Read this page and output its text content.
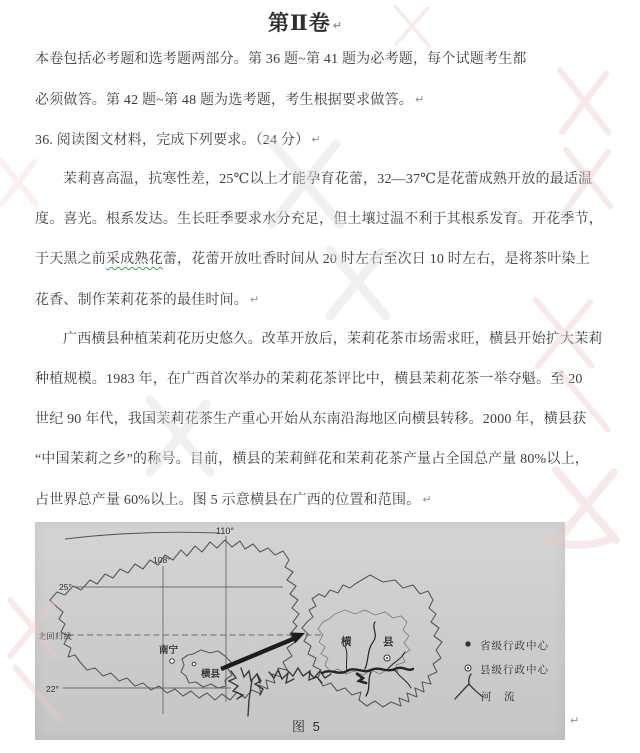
第Ⅱ卷 ↵
本卷包括必考题和选考题两部分。第 36 题~第 41 题为必考题，每个试题考生都
必须做答。第 42 题~第 48 题为选考题，考生根据要求做答。 ↵
36. 阅读图文材料，完成下列要求。（24 分） ↵
茉莉喜高温，抗寒性差，25℃以上才能孕育花蕾，32—37℃是花蕾成熟开放的最适温
度。喜光。根系发达。生长旺季要求水分充足，但土壤过温不利于其根系发育。开花季节，
于天黑之前采成熟花蕾，花蕾开放吐香时间从 20 时左右至次日 10 时左右，是将茶叶染上
花香、制作茉莉花茶的最佳时间。 ↵
广西横县种植茉莉花历史悠久。改革开放后，茉莉花茶市场需求旺，横县开始扩大茉莉
种植规模。1983 年，在广西首次举办的茉莉花茶评比中，横县茉莉花茶一举夺魁。至 20
世纪 90 年代，我国茉莉花茶生产重心开始从东南沿海地区向横县转移。2000 年，横县获
“中国茉莉之乡”的称号。目前，横县的茉莉鲜花和茉莉花茶产量占全国总产量 80%以上，
占世界总产量 60%以上。图 5 示意横县在广西的位置和范围。 ↵
110°
108°
25°
22°
北回归线
南宁
横县
横	县	省级行政中心
县级行政中心
河　流
图 5	↵
